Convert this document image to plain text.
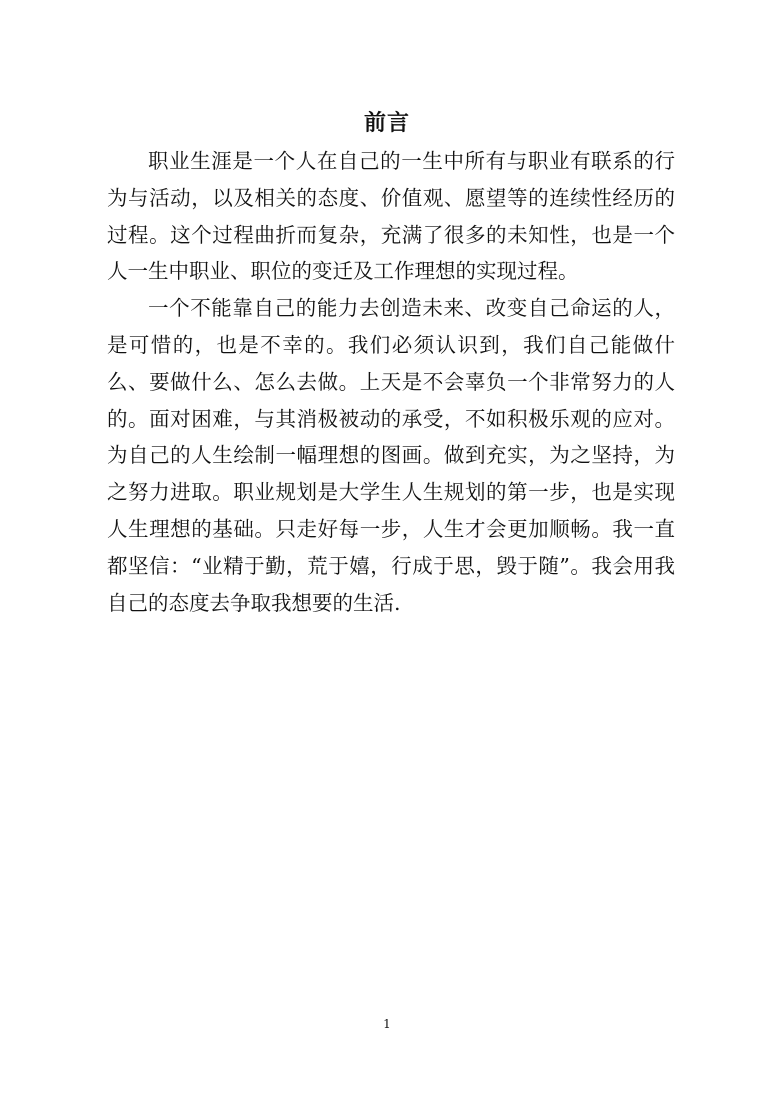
前言

职业生涯是一个人在自己的一生中所有与职业有联系的行为与活动，以及相关的态度、价值观、愿望等的连续性经历的过程。这个过程曲折而复杂，充满了很多的未知性，也是一个人一生中职业、职位的变迁及工作理想的实现过程。

一个不能靠自己的能力去创造未来、改变自己命运的人，是可惜的，也是不幸的。我们必须认识到，我们自己能做什么、要做什么、怎么去做。上天是不会辜负一个非常努力的人的。面对困难，与其消极被动的承受，不如积极乐观的应对。为自己的人生绘制一幅理想的图画。做到充实，为之坚持，为之努力进取。职业规划是大学生人生规划的第一步，也是实现人生理想的基础。只走好每一步，人生才会更加顺畅。我一直都坚信：“业精于勤，荒于嬉，行成于思，毁于随”。我会用我自己的态度去争取我想要的生活.

1
